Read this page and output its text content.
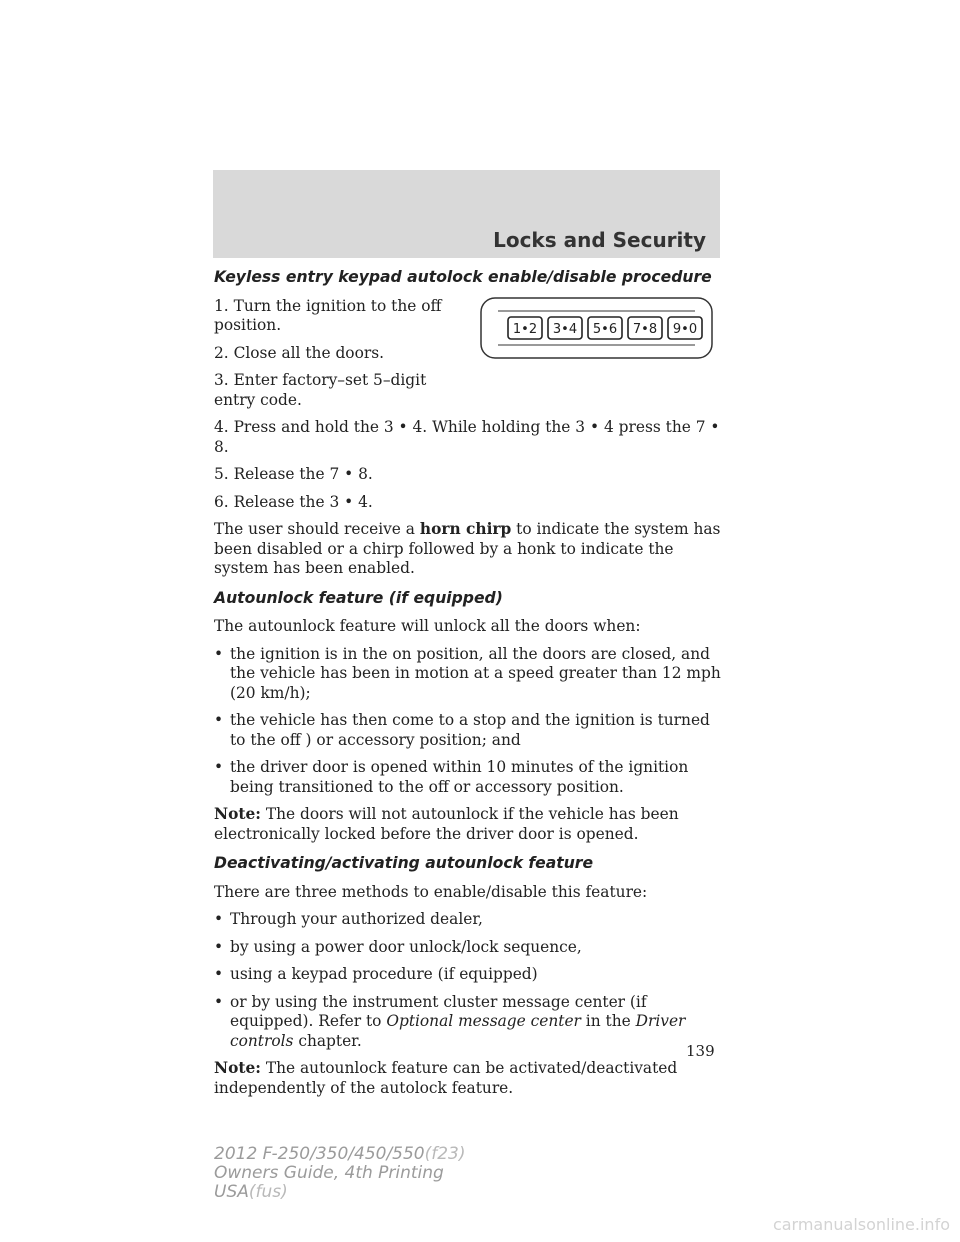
Locks and Security
1•2 3•4 5•6 7•8 9•0
Keyless entry keypad autolock enable/disable procedure

1. Turn the ignition to the off position.

2. Close all the doors.

3. Enter factory–set 5–digit entry code.

4. Press and hold the 3 • 4. While holding the 3 • 4 press the 7 • 8.

5. Release the 7 • 8.

6. Release the 3 • 4.

The user should receive a horn chirp to indicate the system has been disabled or a chirp followed by a honk to indicate the system has been enabled.

Autounlock feature (if equipped)

The autounlock feature will unlock all the doors when:

• the ignition is in the on position, all the doors are closed, and the vehicle has been in motion at a speed greater than 12 mph (20 km/h);
• the vehicle has then come to a stop and the ignition is turned to the off ) or accessory position; and
• the driver door is opened within 10 minutes of the ignition being transitioned to the off or accessory position.

Note: The doors will not autounlock if the vehicle has been electronically locked before the driver door is opened.

Deactivating/activating autounlock feature

There are three methods to enable/disable this feature:

• Through your authorized dealer,
• by using a power door unlock/lock sequence,
• using a keypad procedure (if equipped)
• or by using the instrument cluster message center (if equipped). Refer to Optional message center in the Driver controls chapter.

Note: The autounlock feature can be activated/deactivated independently of the autolock feature.

139
2012 F-250/350/450/550(f23)
Owners Guide, 4th Printing
USA(fus)
carmanualsonline.info
